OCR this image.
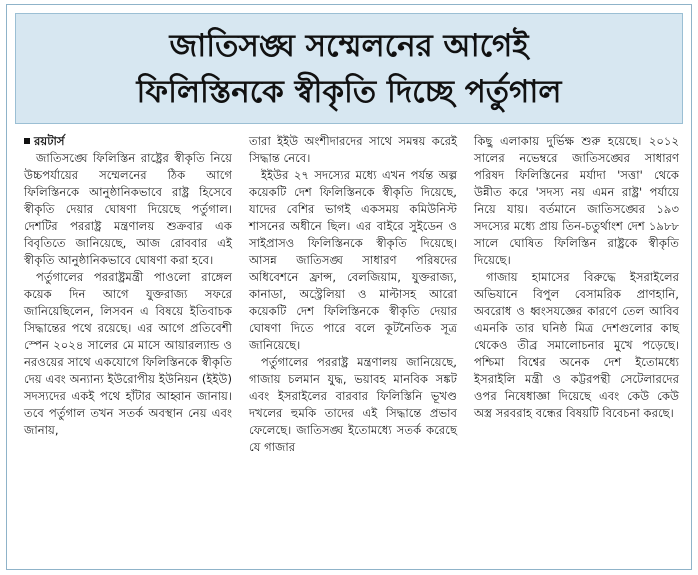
জাতিসঙ্ঘ সম্মেলনের আগেই
ফিলিস্তিনকে স্বীকৃতি দিচ্ছে পর্তুগাল

রয়টার্স

জাতিসঙ্ঘে ফিলিস্তিন রাষ্ট্রের স্বীকৃতি নিয়ে উচ্চপর্যায়ের সম্মেলনের ঠিক আগে ফিলিস্তিনকে আনুষ্ঠানিকভাবে রাষ্ট্র হিসেবে স্বীকৃতি দেয়ার ঘোষণা দিয়েছে পর্তুগাল। দেশটির পররাষ্ট্র মন্ত্রণালয় শুক্রবার এক বিবৃতিতে জানিয়েছে, আজ রোববার এই স্বীকৃতি আনুষ্ঠানিকভাবে ঘোষণা করা হবে।

পর্তুগালের পররাষ্ট্রমন্ত্রী পাওলো রাঙ্গেল কয়েক দিন আগে যুক্তরাজ্য সফরে জানিয়েছিলেন, লিসবন এ বিষয়ে ইতিবাচক সিদ্ধান্তের পথে রয়েছে। এর আগে প্রতিবেশী স্পেন ২০২৪ সালের মে মাসে আয়ারল্যান্ড ও নরওয়ের সাথে একযোগে ফিলিস্তিনকে স্বীকৃতি দেয় এবং অন্যান্য ইউরোপীয় ইউনিয়ন (ইইউ) সদস্যদের একই পথে হাঁটার আহ্বান জানায়। তবে পর্তুগাল তখন সতর্ক অবস্থান নেয় এবং জানায়,

তারা ইইউ অংশীদারদের সাথে সমন্বয় করেই সিদ্ধান্ত নেবে।

ইইউর ২৭ সদস্যের মধ্যে এখন পর্যন্ত অল্প কয়েকটি দেশ ফিলিস্তিনকে স্বীকৃতি দিয়েছে, যাদের বেশির ভাগই একসময় কমিউনিস্ট শাসনের অধীনে ছিল। এর বাইরে সুইডেন ও সাইপ্রাসও ফিলিস্তিনকে স্বীকৃতি দিয়েছে। আসন্ন জাতিসঙ্ঘ সাধারণ পরিষদের অধিবেশনে ফ্রান্স, বেলজিয়াম, যুক্তরাজ্য, কানাডা, অস্ট্রেলিয়া ও মাল্টাসহ আরো কয়েকটি দেশ ফিলিস্তিনকে স্বীকৃতি দেয়ার ঘোষণা দিতে পারে বলে কূটনৈতিক সূত্র জানিয়েছে।

পর্তুগালের পররাষ্ট্র মন্ত্রণালয় জানিয়েছে, গাজায় চলমান যুদ্ধ, ভয়াবহ মানবিক সঙ্কট এবং ইসরাইলের বারবার ফিলিস্তিনি ভূখণ্ড দখলের হুমকি তাদের এই সিদ্ধান্তে প্রভাব ফেলেছে। জাতিসঙ্ঘ ইতোমধ্যে সতর্ক করেছে যে গাজার

কিছু এলাকায় দুর্ভিক্ষ শুরু হয়েছে। ২০১২ সালের নভেম্বরে জাতিসঙ্ঘের সাধারণ পরিষদ ফিলিস্তিনের মর্যাদা 'সত্তা' থেকে উন্নীত করে 'সদস্য নয় এমন রাষ্ট্র' পর্যায়ে নিয়ে যায়। বর্তমানে জাতিসঙ্ঘের ১৯৩ সদস্যের মধ্যে প্রায় তিন-চতুর্থাংশ দেশ ১৯৮৮ সালে ঘোষিত ফিলিস্তিন রাষ্ট্রকে স্বীকৃতি দিয়েছে।

গাজায় হামাসের বিরুদ্ধে ইসরাইলের অভিযানে বিপুল বেসামরিক প্রাণহানি, অবরোধ ও ধ্বংসযজ্ঞের কারণে তেল আবিব এমনকি তার ঘনিষ্ঠ মিত্র দেশগুলোর কাছ থেকেও তীব্র সমালোচনার মুখে পড়েছে। পশ্চিমা বিশ্বের অনেক দেশ ইতোমধ্যে ইসরাইলি মন্ত্রী ও কট্টরপন্থী সেটেলারদের ওপর নিষেধাজ্ঞা দিয়েছে এবং কেউ কেউ অস্ত্র সরবরাহ বন্ধের বিষয়টি বিবেচনা করছে।
